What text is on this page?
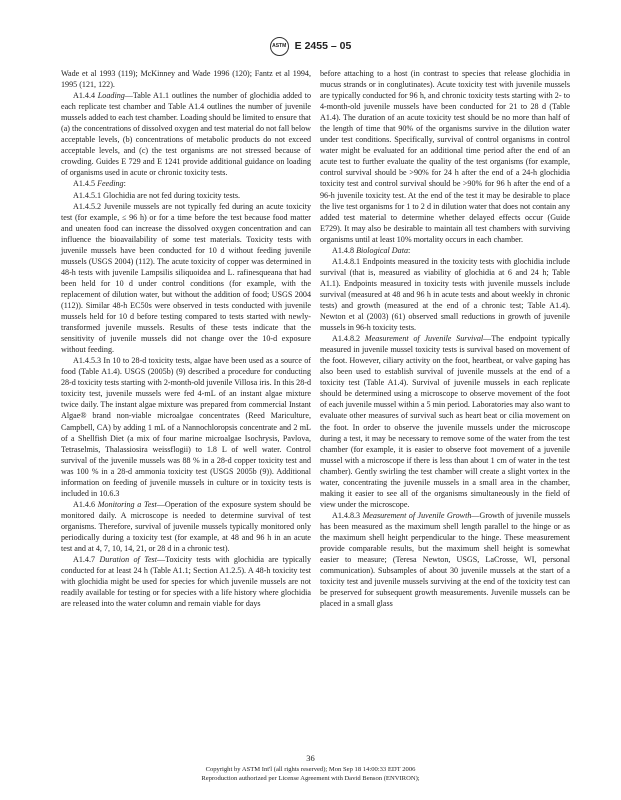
ASTM E 2455 – 05

Wade et al 1993 (119); McKinney and Wade 1996 (120); Fantz et al 1994, 1995 (121, 122).

A1.4.4 Loading—Table A1.1 outlines the number of glochidia added to each replicate test chamber and Table A1.4 outlines the number of juvenile mussels added to each test chamber. Loading should be limited to ensure that (a) the concentrations of dissolved oxygen and test material do not fall below acceptable levels, (b) concentrations of metabolic products do not exceed acceptable levels, and (c) the test organisms are not stressed because of crowding. Guides E 729 and E 1241 provide additional guidance on loading of organisms used in acute or chronic toxicity tests.

A1.4.5 Feeding:

A1.4.5.1 Glochidia are not fed during toxicity tests.

A1.4.5.2 Juvenile mussels are not typically fed during an acute toxicity test (for example, ≤ 96 h) or for a time before the test because food matter and uneaten food can increase the dissolved oxygen concentration and can influence the bioavailability of some test materials. Toxicity tests with juvenile mussels have been conducted for 10 d without feeding juvenile mussels (USGS 2004) (112). The acute toxicity of copper was determined in 48-h tests with juvenile Lampsilis siliquoidea and L. rafinesqueana that had been held for 10 d under control conditions (for example, with the replacement of dilution water, but without the addition of food; USGS 2004 (112)). Similar 48-h EC50s were observed in tests conducted with juvenile mussels held for 10 d before testing compared to tests started with newly-transformed juvenile mussels. Results of these tests indicate that the sensitivity of juvenile mussels did not change over the 10-d exposure without feeding.

A1.4.5.3 In 10 to 28-d toxicity tests, algae have been used as a source of food (Table A1.4). USGS (2005b) (9) described a procedure for conducting 28-d toxicity tests starting with 2-month-old juvenile Villosa iris. In this 28-d toxicity test, juvenile mussels were fed 4-mL of an instant algae mixture twice daily. The instant algae mixture was prepared from commercial Instant Algae® brand non-viable microalgae concentrates (Reed Mariculture, Campbell, CA) by adding 1 mL of a Nannochloropsis concentrate and 2 mL of a Shellfish Diet (a mix of four marine microalgae Isochrysis, Pavlova, Tetraselmis, Thalassiosira weissflogii) to 1.8 L of well water. Control survival of the juvenile mussels was 88 % in a 28-d copper toxicity test and was 100 % in a 28-d ammonia toxicity test (USGS 2005b (9)). Additional information on feeding of juvenile mussels in culture or in toxicity tests is included in 10.6.3

A1.4.6 Monitoring a Test—Operation of the exposure system should be monitored daily. A microscope is needed to determine survival of test organisms. Therefore, survival of juvenile mussels typically monitored only periodically during a toxicity test (for example, at 48 and 96 h in an acute test and at 4, 7, 10, 14, 21, or 28 d in a chronic test).

A1.4.7 Duration of Test—Toxicity tests with glochidia are typically conducted for at least 24 h (Table A1.1; Section A1.2.5). A 48-h toxicity test with glochidia might be used for species for which juvenile mussels are not readily available for testing or for species with a life history where glochidia are released into the water column and remain viable for days

before attaching to a host (in contrast to species that release glochidia in mucus strands or in conglutinates). Acute toxicity test with juvenile mussels are typically conducted for 96 h, and chronic toxicity tests starting with 2- to 4-month-old juvenile mussels have been conducted for 21 to 28 d (Table A1.4). The duration of an acute toxicity test should be no more than half of the length of time that 90% of the organisms survive in the dilution water under test conditions. Specifically, survival of control organisms in control water might be evaluated for an additional time period after the end of an acute test to further evaluate the quality of the test organisms (for example, control survival should be >90% for 24 h after the end of a 24-h glochidia toxicity test and control survival should be >90% for 96 h after the end of a 96-h juvenile toxicity test. At the end of the test it may be desirable to place the live test organisms for 1 to 2 d in dilution water that does not contain any added test material to determine whether delayed effects occur (Guide E729). It may also be desirable to maintain all test chambers with surviving organisms until at least 10% mortality occurs in each chamber.

A1.4.8 Biological Data:

A1.4.8.1 Endpoints measured in the toxicity tests with glochidia include survival (that is, measured as viability of glochidia at 6 and 24 h; Table A1.1). Endpoints measured in toxicity tests with juvenile mussels include survival (measured at 48 and 96 h in acute tests and about weekly in chronic tests) and growth (measured at the end of a chronic test; Table A1.4). Newton et al (2003) (61) observed small reductions in growth of juvenile mussels in 96-h toxicity tests.

A1.4.8.2 Measurement of Juvenile Survival—The endpoint typically measured in juvenile mussel toxicity tests is survival based on movement of the foot. However, ciliary activity on the foot, heartbeat, or valve gaping has also been used to establish survival of juvenile mussels at the end of a toxicity test (Table A1.4). Survival of juvenile mussels in each replicate should be determined using a microscope to observe movement of the foot of each juvenile mussel within a 5 min period. Laboratories may also want to evaluate other measures of survival such as heart beat or cilia movement on the foot. In order to observe the juvenile mussels under the microscope during a test, it may be necessary to remove some of the water from the test chamber (for example, it is easier to observe foot movement of a juvenile mussel with a microscope if there is less than about 1 cm of water in the test chamber). Gently swirling the test chamber will create a slight vortex in the water, concentrating the juvenile mussels in a small area in the chamber, making it easier to see all of the organisms simultaneously in the field of view under the microscope.

A1.4.8.3 Measurement of Juvenile Growth—Growth of juvenile mussels has been measured as the maximum shell length parallel to the hinge or as the maximum shell height perpendicular to the hinge. These measurement provide comparable results, but the maximum shell height is somewhat easier to measure; (Teresa Newton, USGS, LaCrosse, WI, personal communication). Subsamples of about 30 juvenile mussels at the start of a toxicity test and juvenile mussels surviving at the end of the toxicity test can be preserved for subsequent growth measurements. Juvenile mussels can be placed in a small glass

36
Copyright by ASTM Int'l (all rights reserved); Mon Sep 18 14:00:33 EDT 2006
Reproduction authorized per License Agreement with David Benson (ENVIRON);
